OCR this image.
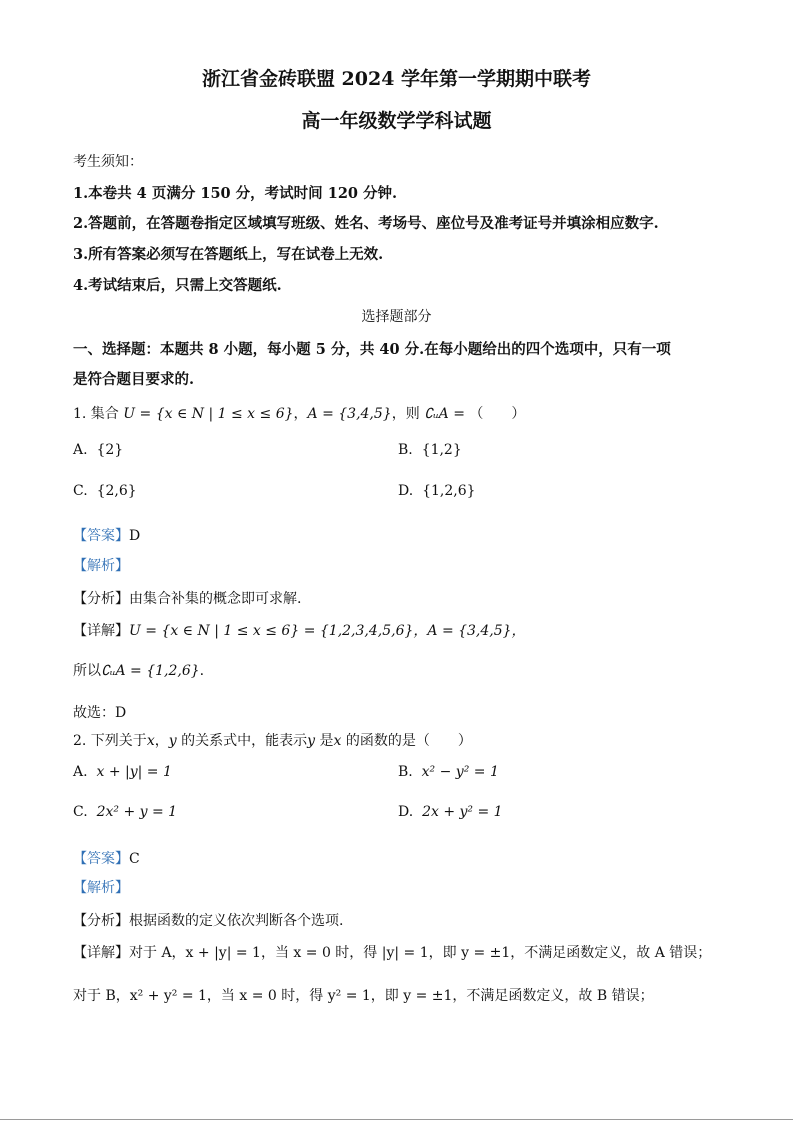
浙江省金砖联盟 2024 学年第一学期期中联考
高一年级数学学科试题
考生须知：
1.本卷共 4 页满分 150 分，考试时间 120 分钟.
2.答题前，在答题卷指定区域填写班级、姓名、考场号、座位号及准考证号并填涂相应数字.
3.所有答案必须写在答题纸上，写在试卷上无效.
4.考试结束后，只需上交答题纸.
选择题部分
一、选择题：本题共 8 小题，每小题 5 分，共 40 分.在每小题给出的四个选项中，只有一项
是符合题目要求的.
1. 集合 U = {x ∈ N | 1 ≤ x ≤ 6}，A = {3,4,5}，则 ∁ᵤA = （　　）
A. {2}	B. {1,2}
C. {2,6}	D. {1,2,6}
【答案】D
【解析】
【分析】由集合补集的概念即可求解.
【详解】U = {x ∈ N | 1 ≤ x ≤ 6} = {1,2,3,4,5,6}，A = {3,4,5}，
所以∁ᵤA = {1,2,6}.
故选：D
2. 下列关于x，y 的关系式中，能表示y 是x 的函数的是（　　）
A. x + |y| = 1	B. x² − y² = 1
C. 2x² + y = 1	D. 2x + y² = 1
【答案】C
【解析】
【分析】根据函数的定义依次判断各个选项.
【详解】对于 A，x + |y| = 1，当 x = 0 时，得 |y| = 1，即 y = ±1，不满足函数定义，故 A 错误；
对于 B，x² + y² = 1，当 x = 0 时，得 y² = 1，即 y = ±1，不满足函数定义，故 B 错误；
